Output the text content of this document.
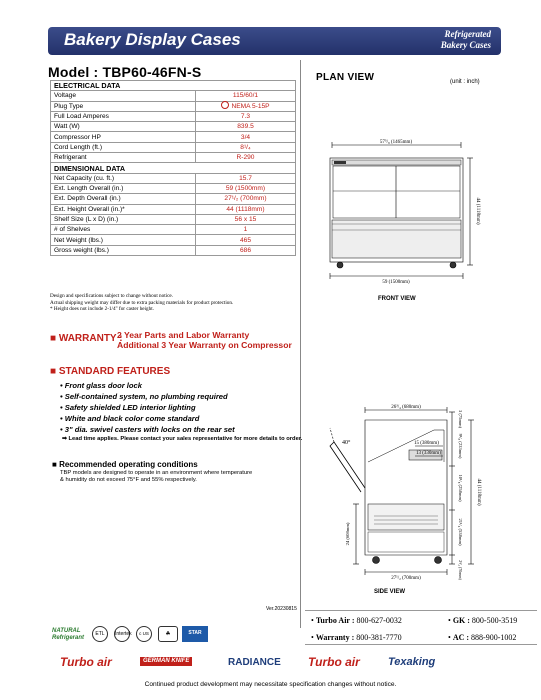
Bakery Display Cases	Refrigerated
Bakery Cases
Model : TBP60-46FN-S
ELECTRICAL DATA	
Voltage	115/60/1
Plug Type	NEMA 5-15P
Full Load Amperes	7.3
Watt (W)	839.5
Compressor HP	3/4
Cord Length (ft.)	8¹/₄
Refrigerant	R-290
DIMENSIONAL DATA	
Net Capacity (cu. ft.)	15.7
Ext. Length Overall (in.)	59 (1500mm)
Ext. Depth Overall (in.)	27¹/₂ (700mm)
Ext. Height Overall (in.)*	44 (1118mm)
Shelf Size (L x D) (in.)	56 x 15
# of Shelves	1
Net Weight (lbs.)	465
Gross weight (lbs.)	686
Design and specifications subject to change without notice.
Actual shipping weight may differ due to extra packing materials for product protection.
* Height does not include 2-1/4" for caster height.
■ WARRANTY :
2 Year Parts and Labor Warranty
Additional 3 Year Warranty on Compressor
■ STANDARD FEATURES
• Front glass door lock
• Self-contained system, no plumbing required
• Safety shielded LED interior lighting
• White and black color come standard
• 3" dia. swivel casters with locks on the rear set
➡ Lead time applies. Please contact your sales representative for more details to order.
■ Recommended operating conditions
TBP models are designed to operate in an environment where temperature
& humidity do not exceed 75°F and 55% respectively.
Ver.20230815
PLAN VIEW	(unit : inch)
57⁵/₈ (1465mm)
59 (1500mm)
44 (1118mm)
FRONT VIEW
26³/₄ (680mm)
15 (380mm)
13 (330mm)
40°
3 (75mm)
9¹/₈ (233mm)
10¹/₈ (258mm)
21¹/₄ (538mm)
2³/₄ (70mm)
44 (1118mm)
24 (608mm)
27¹/₂ (700mm)
SIDE VIEW
• Turbo Air : 800-627-0032	• GK : 800-500-3519
• Warranty : 800-381-7770	• AC : 888-900-1002
NATURAL
Refrigerant
ETL	Intertek	c US	☘	STAR
Turbo air	GERMAN KNIFE	RADIANCE Turbo air	Texaking
Continued product development may necessitate specification changes without notice.
